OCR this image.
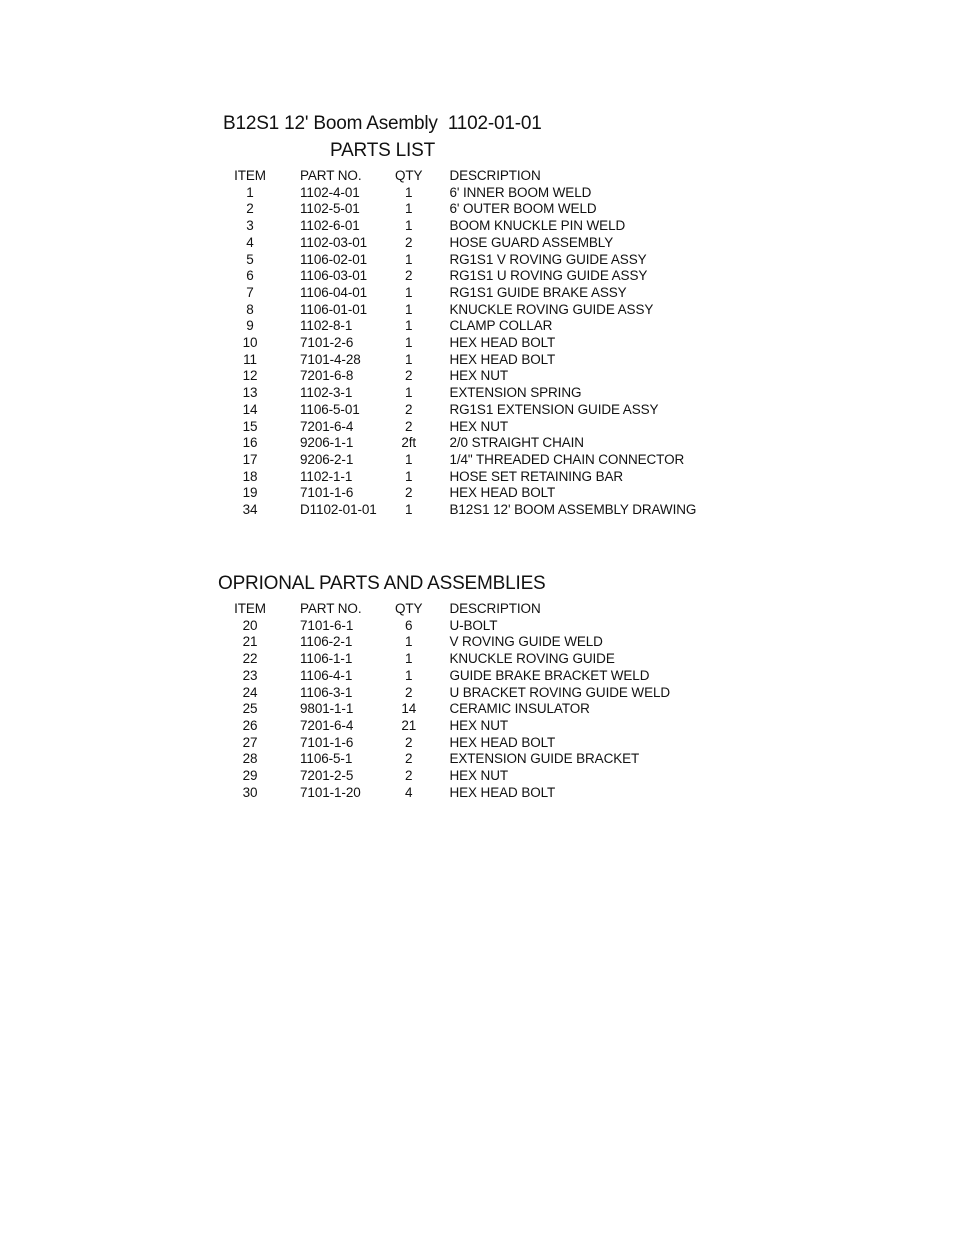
B12S1 12' Boom Asembly  1102-01-01
PARTS LIST
ITEM	PART NO.	QTY	DESCRIPTION
1	1102-4-01	1	6' INNER BOOM WELD
2	1102-5-01	1	6' OUTER BOOM WELD
3	1102-6-01	1	BOOM KNUCKLE PIN WELD
4	1102-03-01	2	HOSE GUARD ASSEMBLY
5	1106-02-01	1	RG1S1 V ROVING GUIDE ASSY
6	1106-03-01	2	RG1S1 U ROVING GUIDE ASSY
7	1106-04-01	1	RG1S1 GUIDE BRAKE ASSY
8	1106-01-01	1	KNUCKLE ROVING GUIDE ASSY
9	1102-8-1	1	CLAMP COLLAR
10	7101-2-6	1	HEX HEAD BOLT
11	7101-4-28	1	HEX HEAD BOLT
12	7201-6-8	2	HEX NUT
13	1102-3-1	1	EXTENSION SPRING
14	1106-5-01	2	RG1S1 EXTENSION GUIDE ASSY
15	7201-6-4	2	HEX NUT
16	9206-1-1	2ft	2/0 STRAIGHT CHAIN
17	9206-2-1	1	1/4" THREADED CHAIN CONNECTOR
18	1102-1-1	1	HOSE SET RETAINING BAR
19	7101-1-6	2	HEX HEAD BOLT
34	D1102-01-01	1	B12S1 12' BOOM ASSEMBLY DRAWING
OPRIONAL PARTS AND ASSEMBLIES
ITEM	PART NO.	QTY	DESCRIPTION
20	7101-6-1	6	U-BOLT
21	1106-2-1	1	V ROVING GUIDE WELD
22	1106-1-1	1	KNUCKLE ROVING GUIDE
23	1106-4-1	1	GUIDE BRAKE BRACKET WELD
24	1106-3-1	2	U BRACKET ROVING GUIDE WELD
25	9801-1-1	14	CERAMIC INSULATOR
26	7201-6-4	21	HEX NUT
27	7101-1-6	2	HEX HEAD BOLT
28	1106-5-1	2	EXTENSION GUIDE BRACKET
29	7201-2-5	2	HEX NUT
30	7101-1-20	4	HEX HEAD BOLT
